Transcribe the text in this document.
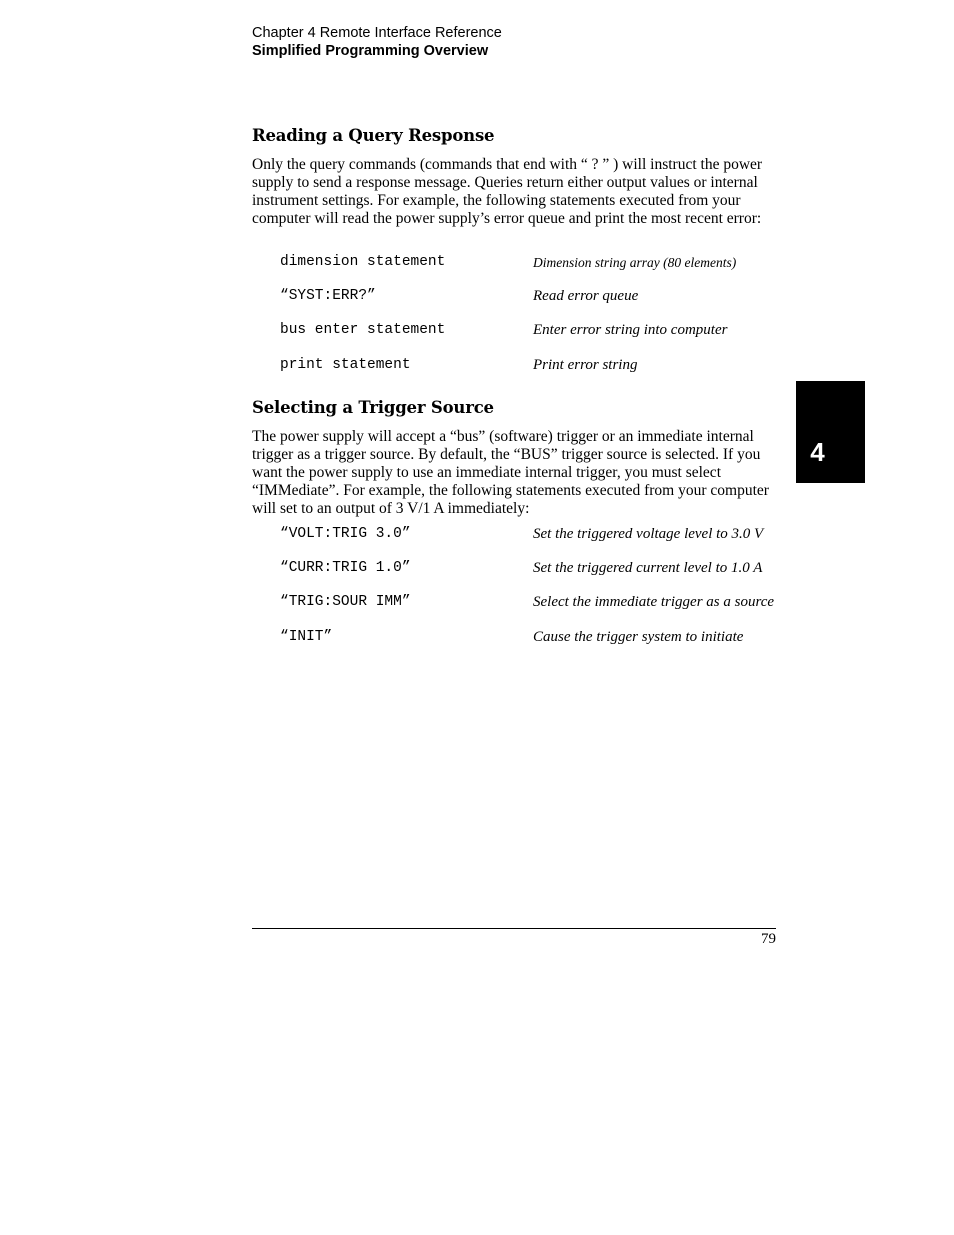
Chapter 4 Remote Interface Reference
Simplified Programming Overview
Reading a Query Response
Only the query commands (commands that end with “ ? ” ) will instruct the power supply to send a response message. Queries return either output values or internal instrument settings. For example, the following statements executed from your computer will read the power supply’s error queue and print the most recent error:
dimension statement	Dimension string array (80 elements)
“SYST:ERR?”	Read error queue
bus enter statement	Enter error string into computer
print statement	Print error string
Selecting a Trigger Source
The power supply will accept a “bus” (software) trigger or an immediate internal trigger as a trigger source. By default, the “BUS” trigger source is selected. If you want the power supply to use an immediate internal trigger, you must select “IMMediate”. For example, the following statements executed from your computer will set to an output of 3 V/1 A immediately:
“VOLT:TRIG 3.0”	Set the triggered voltage level to 3.0 V
“CURR:TRIG 1.0”	Set the triggered current level to 1.0 A
“TRIG:SOUR IMM”	Select the immediate trigger as a source
“INIT”	Cause the trigger system to initiate
4
79
